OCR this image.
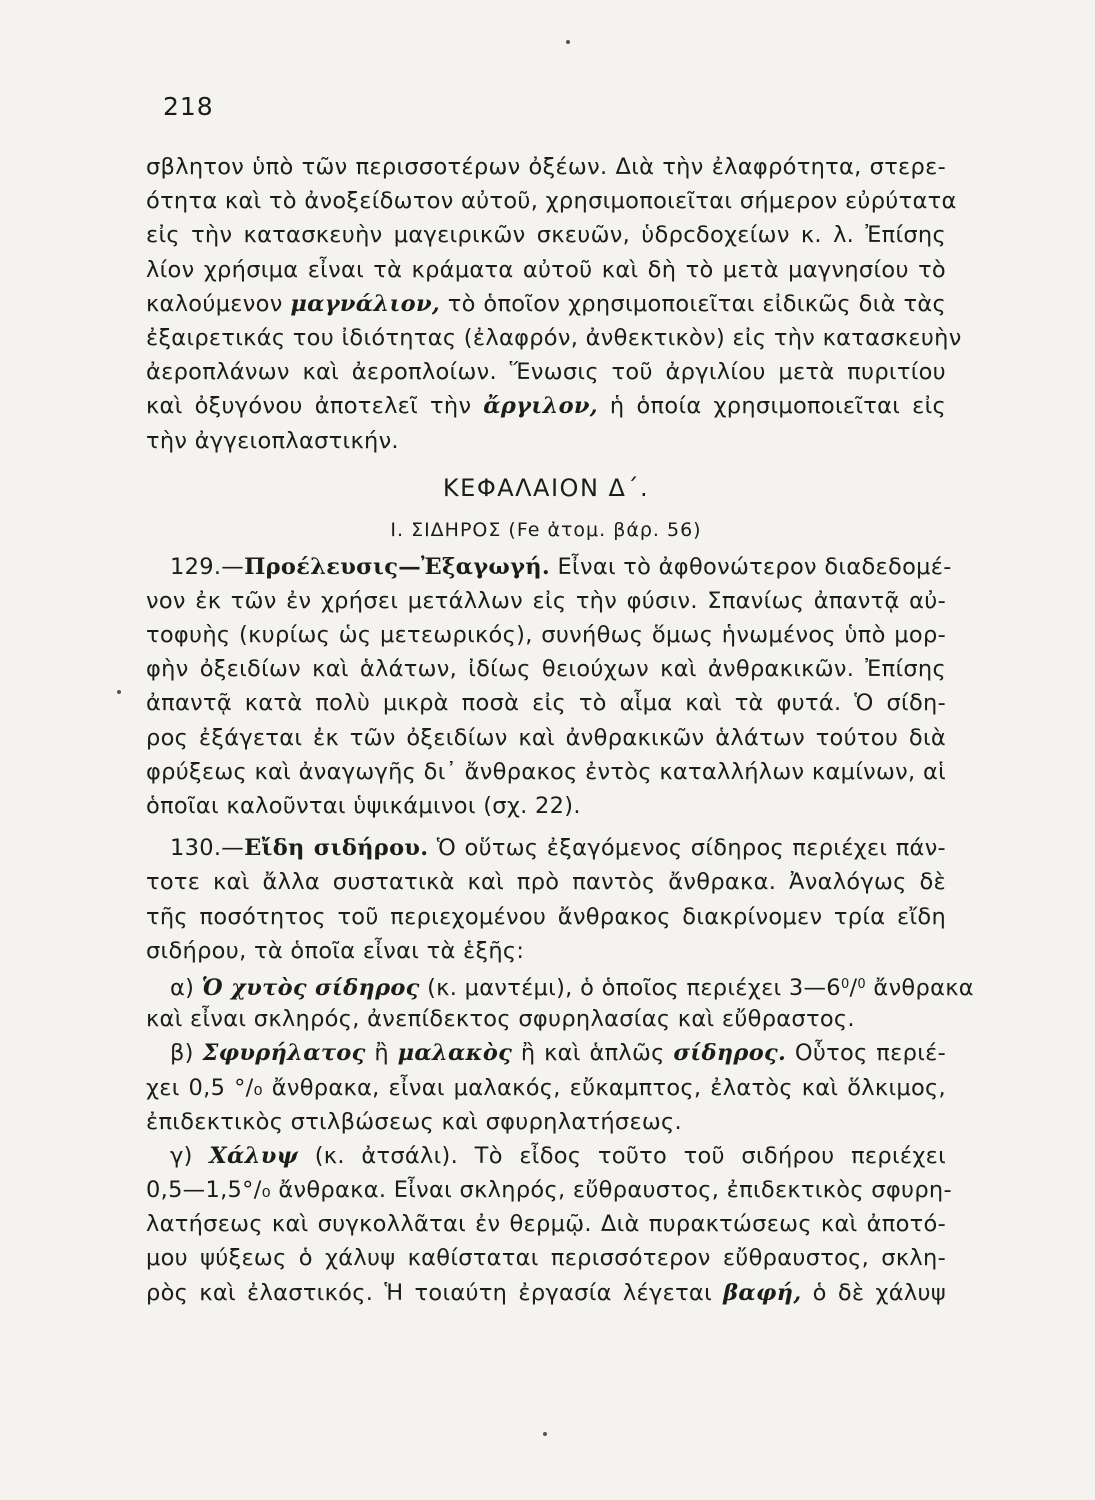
218
σβλητον ὑπὸ τῶν περισσοτέρων ὀξέων. Διὰ τὴν ἐλαφρότητα, στερε-
ότητα καὶ τὸ ἀνοξείδωτον αὐτοῦ, χρησιμοποιεῖται σήμερον εὐρύτατα
εἰς τὴν κατασκευὴν μαγειρικῶν σκευῶν, ὑδρcδοχείων κ. λ. Ἐπίσης
λίον χρήσιμα εἶναι τὰ κράματα αὐτοῦ καὶ δὴ τὸ μετὰ μαγνησίου τὸ
καλούμενον μαγνάλιον, τὸ ὁποῖον χρησιμοποιεῖται εἰδικῶς διὰ τὰς
ἐξαιρετικάς του ἰδιότητας (ἐλαφρόν, ἀνθεκτικὸν) εἰς τὴν κατασκευὴν
ἀεροπλάνων καὶ ἀεροπλοίων. Ἕνωσις τοῦ ἀργιλίου μετὰ πυριτίου
καὶ ὀξυγόνου ἀποτελεῖ τὴν ἄργιλον, ἡ ὁποία χρησιμοποιεῖται εἰς
τὴν ἀγγειοπλαστικήν.
ΚΕΦΑΛΑΙΟΝ Δ΄.
Ι. ΣΙΔΗΡΟΣ (Fe ἀτομ. βάρ. 56)
129.—Προέλευσις—Ἐξαγωγή. Εἶναι τὸ ἀφθονώτερον διαδεδομέ-
νον ἐκ τῶν ἐν χρήσει μετάλλων εἰς τὴν φύσιν. Σπανίως ἀπαντᾷ αὐ-
τοφυὴς (κυρίως ὡς μετεωρικός), συνήθως ὅμως ἡνωμένος ὑπὸ μορ-
φὴν ὀξειδίων καὶ ἁλάτων, ἰδίως θειούχων καὶ ἀνθρακικῶν. Ἐπίσης
ἀπαντᾷ κατὰ πολὺ μικρὰ ποσὰ εἰς τὸ αἷμα καὶ τὰ φυτά. Ὁ σίδη-
ρος ἐξάγεται ἐκ τῶν ὀξειδίων καὶ ἀνθρακικῶν ἁλάτων τούτου διὰ
φρύξεως καὶ ἀναγωγῆς δι᾽ ἄνθρακος ἐντὸς καταλλήλων καμίνων, αἱ
ὁποῖαι καλοῦνται ὑψικάμινοι (σχ. 22).
130.—Εἴδη σιδήρου. Ὁ οὕτως ἐξαγόμενος σίδηρος περιέχει πάν-
τοτε καὶ ἄλλα συστατικὰ καὶ πρὸ παντὸς ἄνθρακα. Ἀναλόγως δὲ
τῆς ποσότητος τοῦ περιεχομένου ἄνθρακος διακρίνομεν τρία εἴδη
σιδήρου, τὰ ὁποῖα εἶναι τὰ ἑξῆς:
α) Ὁ χυτὸς σίδηρος (κ. μαντέμι), ὁ ὁποῖος περιέχει $3—6^0/^0$ ἄνθρακα
καὶ εἶναι σκληρός, ἀνεπίδεκτος σφυρηλασίας καὶ εὔθραστος.
β) Σφυρήλατος ἢ μαλακὸς ἢ καὶ ἁπλῶς σίδηρος. Οὗτος περιέ-
χει 0,5 °/₀ ἄνθρακα, εἶναι μαλακός, εὔκαμπτος, ἐλατὸς καὶ ὅλκιμος,
ἐπιδεκτικὸς στιλβώσεως καὶ σφυρηλατήσεως.
γ) Χάλυψ (κ. ἀτσάλι). Τὸ εἶδος τοῦτο τοῦ σιδήρου περιέχει
0,5—1,5°/₀ ἄνθρακα. Εἶναι σκληρός, εὔθραυστος, ἐπιδεκτικὸς σφυρη-
λατήσεως καὶ συγκολλᾶται ἐν θερμῷ. Διὰ πυρακτώσεως καὶ ἀποτό-
μου ψύξεως ὁ χάλυψ καθίσταται περισσότερον εὔθραυστος, σκλη-
ρὸς καὶ ἐλαστικός. Ἡ τοιαύτη ἐργασία λέγεται βαφή, ὁ δὲ χάλυψ
